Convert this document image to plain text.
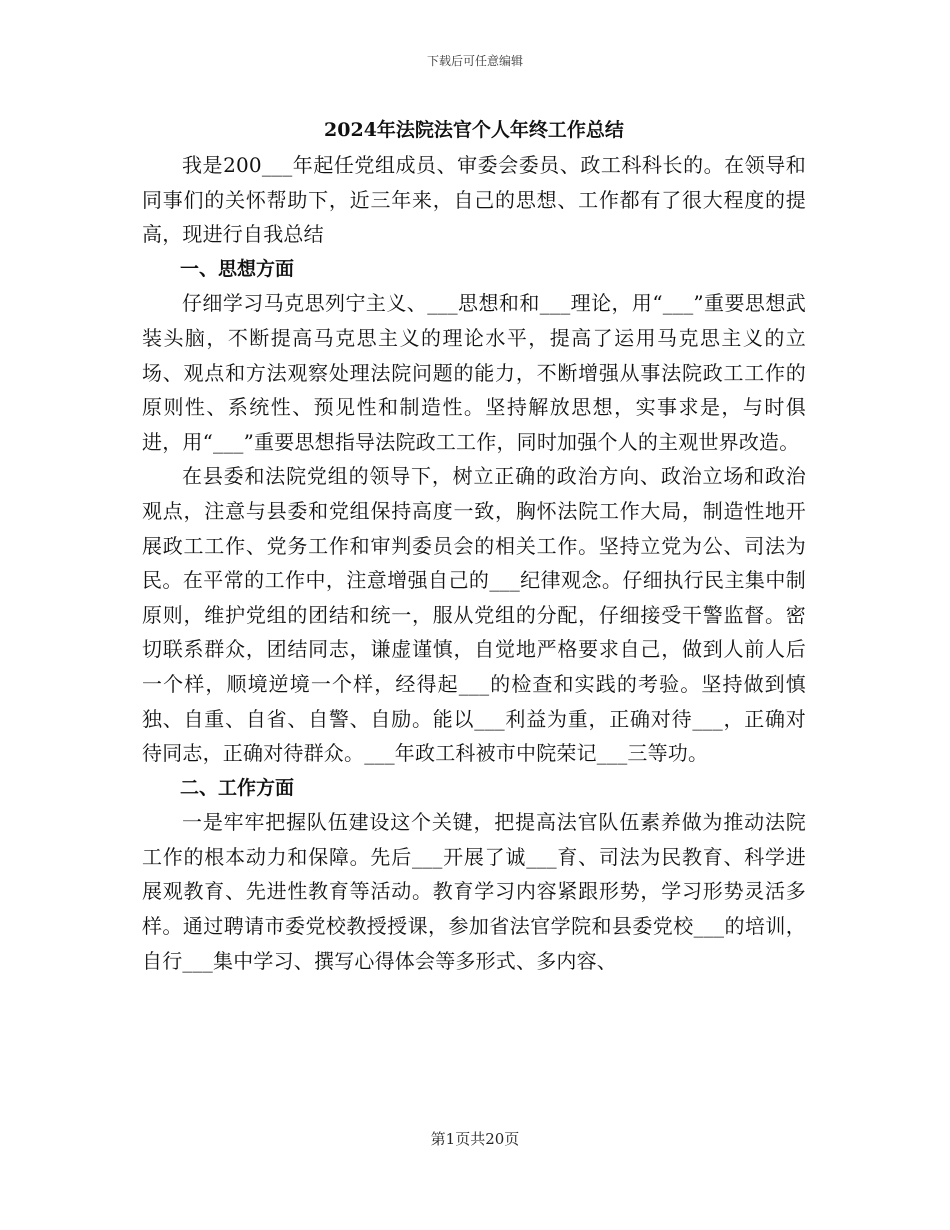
下载后可任意编辑

2024年法院法官个人年终工作总结

我是200___年起任党组成员、审委会委员、政工科科长的。在领导和同事们的关怀帮助下，近三年来，自己的思想、工作都有了很大程度的提高，现进行自我总结

一、思想方面

仔细学习马克思列宁主义、___思想和和___理论，用“___”重要思想武装头脑，不断提高马克思主义的理论水平，提高了运用马克思主义的立场、观点和方法观察处理法院问题的能力，不断增强从事法院政工工作的原则性、系统性、预见性和制造性。坚持解放思想，实事求是，与时俱进，用“___”重要思想指导法院政工工作，同时加强个人的主观世界改造。

在县委和法院党组的领导下，树立正确的政治方向、政治立场和政治观点，注意与县委和党组保持高度一致，胸怀法院工作大局，制造性地开展政工工作、党务工作和审判委员会的相关工作。坚持立党为公、司法为民。在平常的工作中，注意增强自己的___纪律观念。仔细执行民主集中制原则，维护党组的团结和统一，服从党组的分配，仔细接受干警监督。密切联系群众，团结同志，谦虚谨慎，自觉地严格要求自己，做到人前人后一个样，顺境逆境一个样，经得起___的检查和实践的考验。坚持做到慎独、自重、自省、自警、自励。能以___利益为重，正确对待___，正确对待同志，正确对待群众。___年政工科被市中院荣记___三等功。

二、工作方面

一是牢牢把握队伍建设这个关键，把提高法官队伍素养做为推动法院工作的根本动力和保障。先后___开展了诚___育、司法为民教育、科学进展观教育、先进性教育等活动。教育学习内容紧跟形势，学习形势灵活多样。通过聘请市委党校教授授课，参加省法官学院和县委党校___的培训，自行___集中学习、撰写心得体会等多形式、多内容、

第1页共20页
